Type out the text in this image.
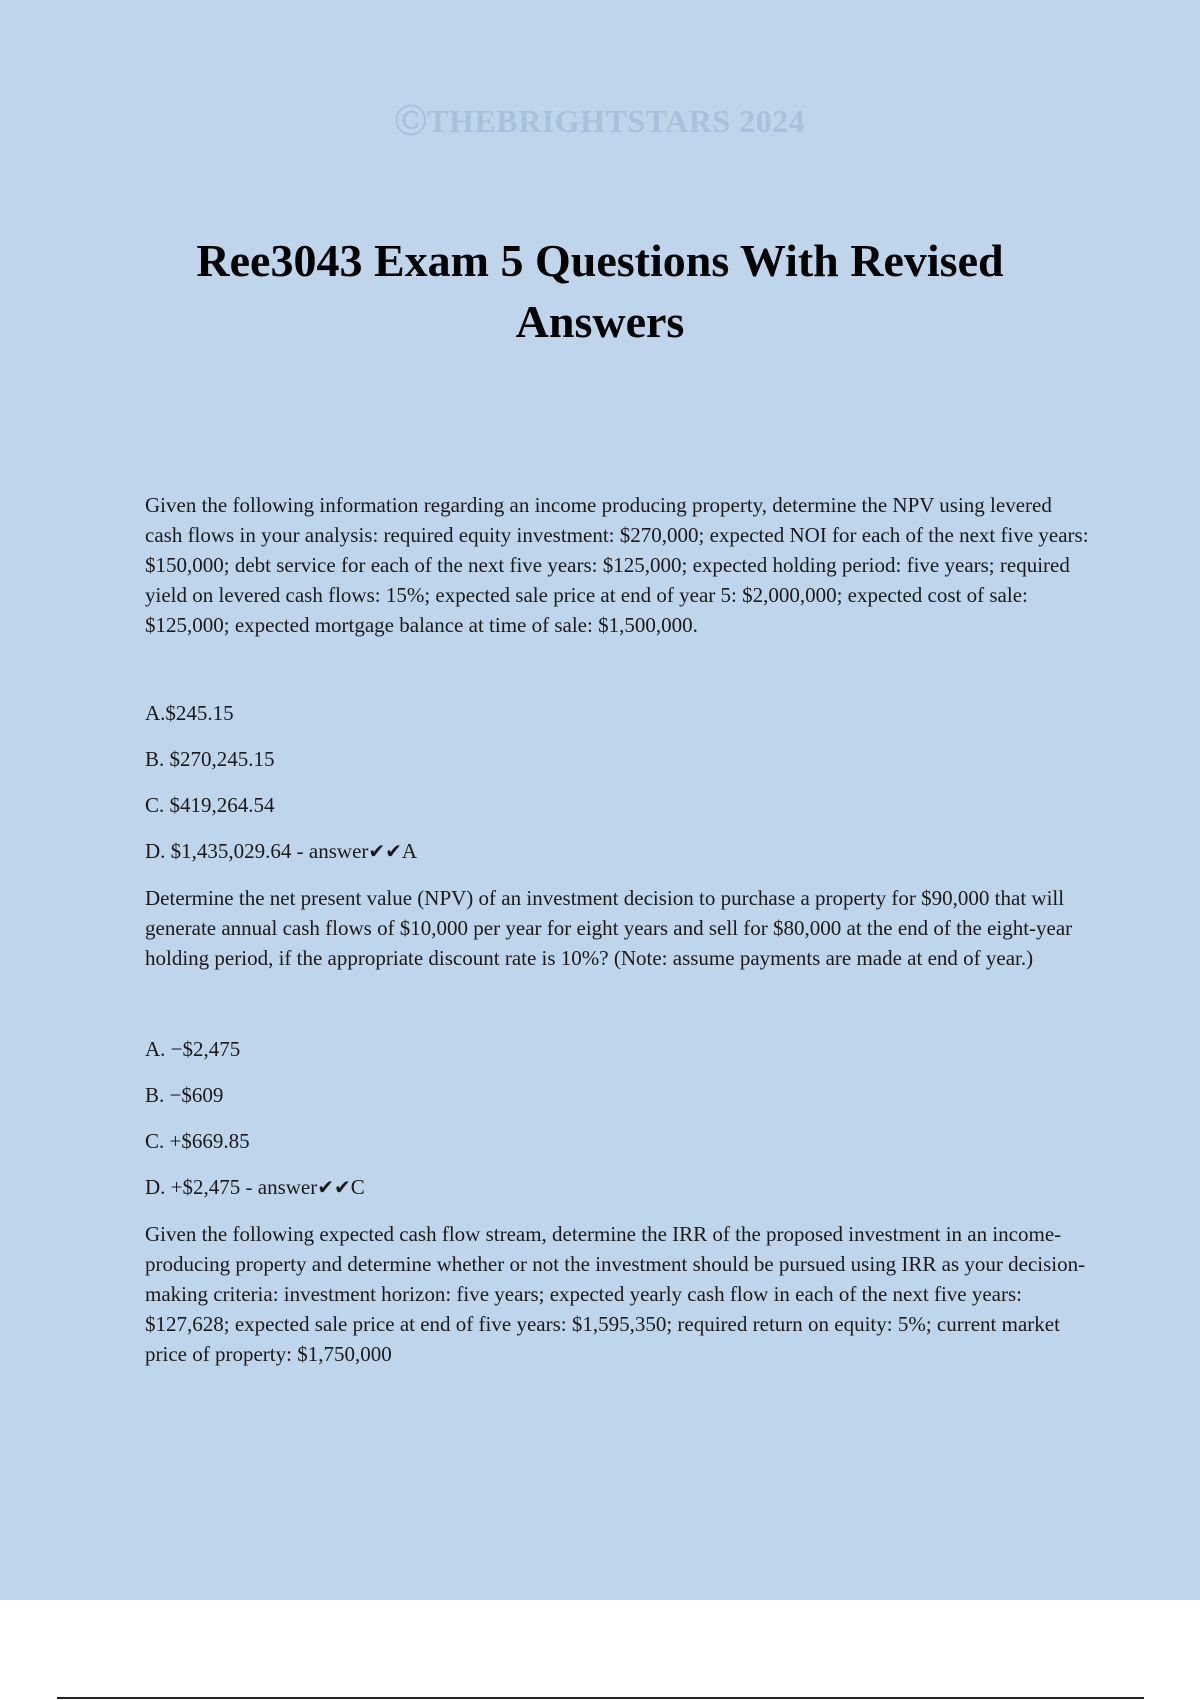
ⒸTHEBRIGHTSTARS 2024
Ree3043 Exam 5 Questions With Revised Answers

Given the following information regarding an income producing property, determine the NPV using levered cash flows in your analysis: required equity investment: $270,000; expected NOI for each of the next five years: $150,000; debt service for each of the next five years: $125,000; expected holding period: five years; required yield on levered cash flows: 15%; expected sale price at end of year 5: $2,000,000; expected cost of sale: $125,000; expected mortgage balance at time of sale: $1,500,000.

A.$245.15
B. $270,245.15
C. $419,264.54
D. $1,435,029.64 - answer✔✔A

Determine the net present value (NPV) of an investment decision to purchase a property for $90,000 that will generate annual cash flows of $10,000 per year for eight years and sell for $80,000 at the end of the eight-year holding period, if the appropriate discount rate is 10%? (Note: assume payments are made at end of year.)

A. −$2,475
B. −$609
C. +$669.85
D. +$2,475 - answer✔✔C

Given the following expected cash flow stream, determine the IRR of the proposed investment in an income-producing property and determine whether or not the investment should be pursued using IRR as your decision-making criteria: investment horizon: five years; expected yearly cash flow in each of the next five years: $127,628; expected sale price at end of five years: $1,595,350; required return on equity: 5%; current market price of property: $1,750,000
